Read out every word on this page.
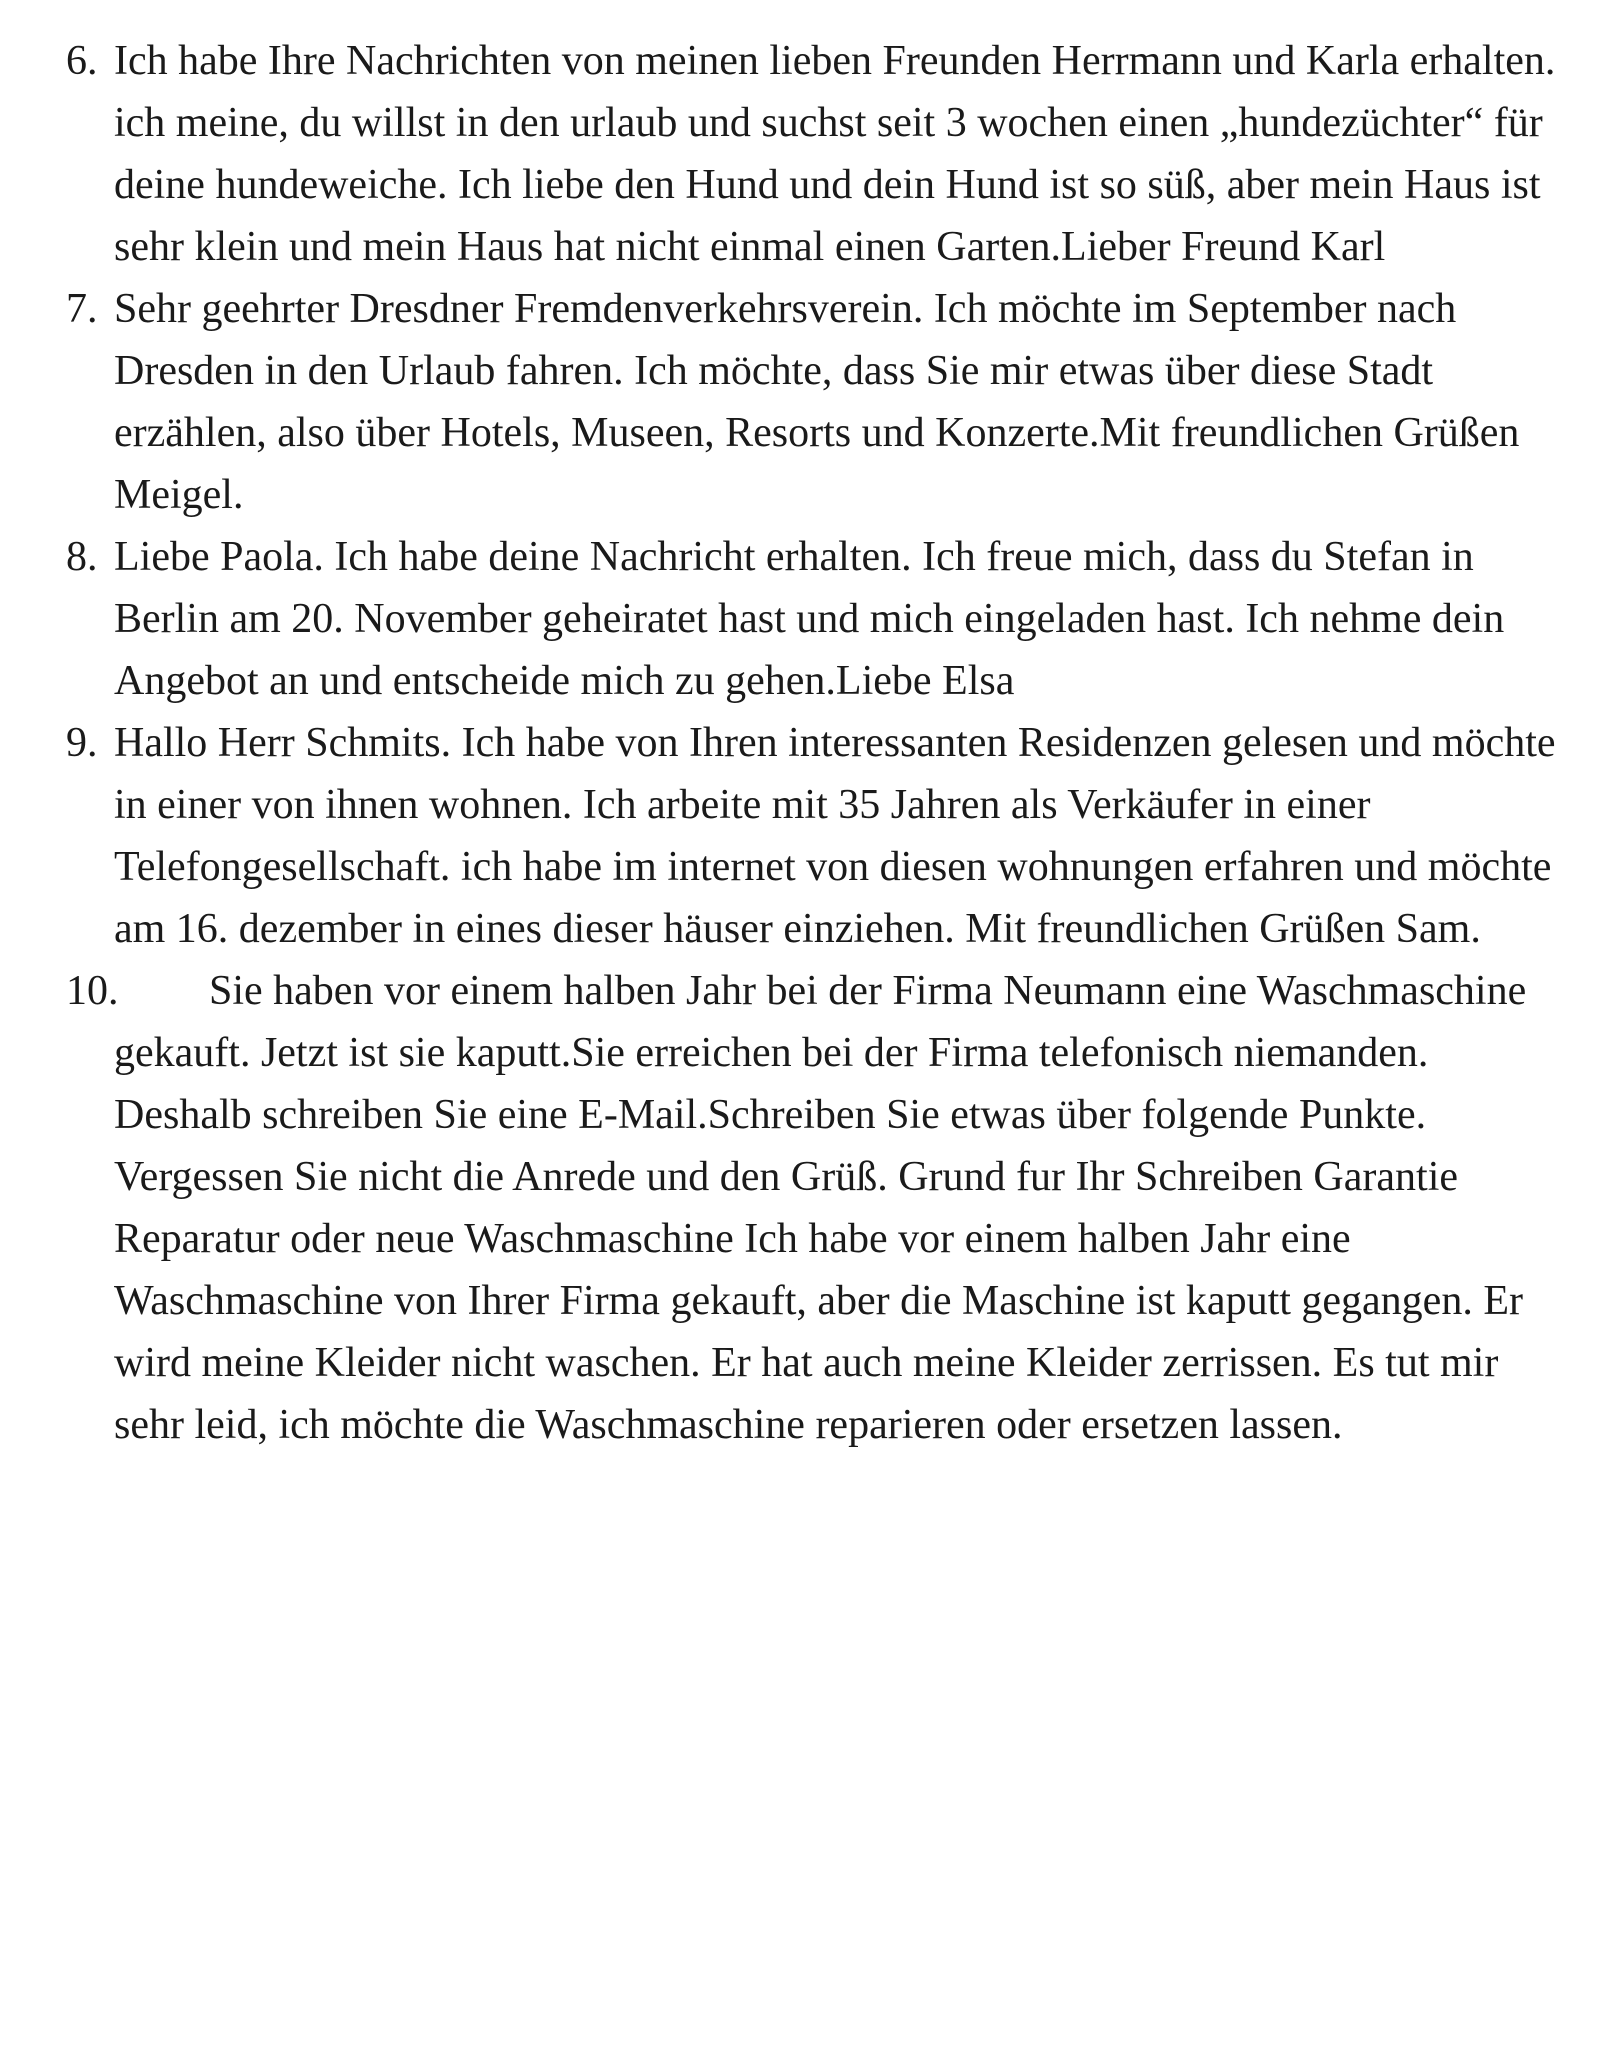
6. Ich habe Ihre Nachrichten von meinen lieben Freunden Herrmann und Karla erhalten. ich meine, du willst in den urlaub und suchst seit 3 wochen einen „hundezüchter“ für deine hundeweiche. Ich liebe den Hund und dein Hund ist so süß, aber mein Haus ist sehr klein und mein Haus hat nicht einmal einen Garten.Lieber Freund Karl
7. Sehr geehrter Dresdner Fremdenverkehrsverein. Ich möchte im September nach Dresden in den Urlaub fahren. Ich möchte, dass Sie mir etwas über diese Stadt erzählen, also über Hotels, Museen, Resorts und Konzerte.Mit freundlichen Grüßen Meigel.
8. Liebe Paola. Ich habe deine Nachricht erhalten. Ich freue mich, dass du Stefan in Berlin am 20. November geheiratet hast und mich eingeladen hast. Ich nehme dein Angebot an und entscheide mich zu gehen.Liebe Elsa
9. Hallo Herr Schmits. Ich habe von Ihren interessanten Residenzen gelesen und möchte in einer von ihnen wohnen. Ich arbeite mit 35 Jahren als Verkäufer in einer Telefongesellschaft. ich habe im internet von diesen wohnungen erfahren und möchte am 16. dezember in eines dieser häuser einziehen. Mit freundlichen Grüßen Sam.
10.	Sie haben vor einem halben Jahr bei der Firma Neumann eine Waschmaschine gekauft. Jetzt ist sie kaputt.Sie erreichen bei der Firma telefonisch niemanden. Deshalb schreiben Sie eine E-Mail.Schreiben Sie etwas über folgende Punkte. Vergessen Sie nicht die Anrede und den Grüß. Grund fur Ihr Schreiben Garantie Reparatur oder neue Waschmaschine Ich habe vor einem halben Jahr eine Waschmaschine von Ihrer Firma gekauft, aber die Maschine ist kaputt gegangen. Er wird meine Kleider nicht waschen. Er hat auch meine Kleider zerrissen. Es tut mir sehr leid, ich möchte die Waschmaschine reparieren oder ersetzen lassen.
